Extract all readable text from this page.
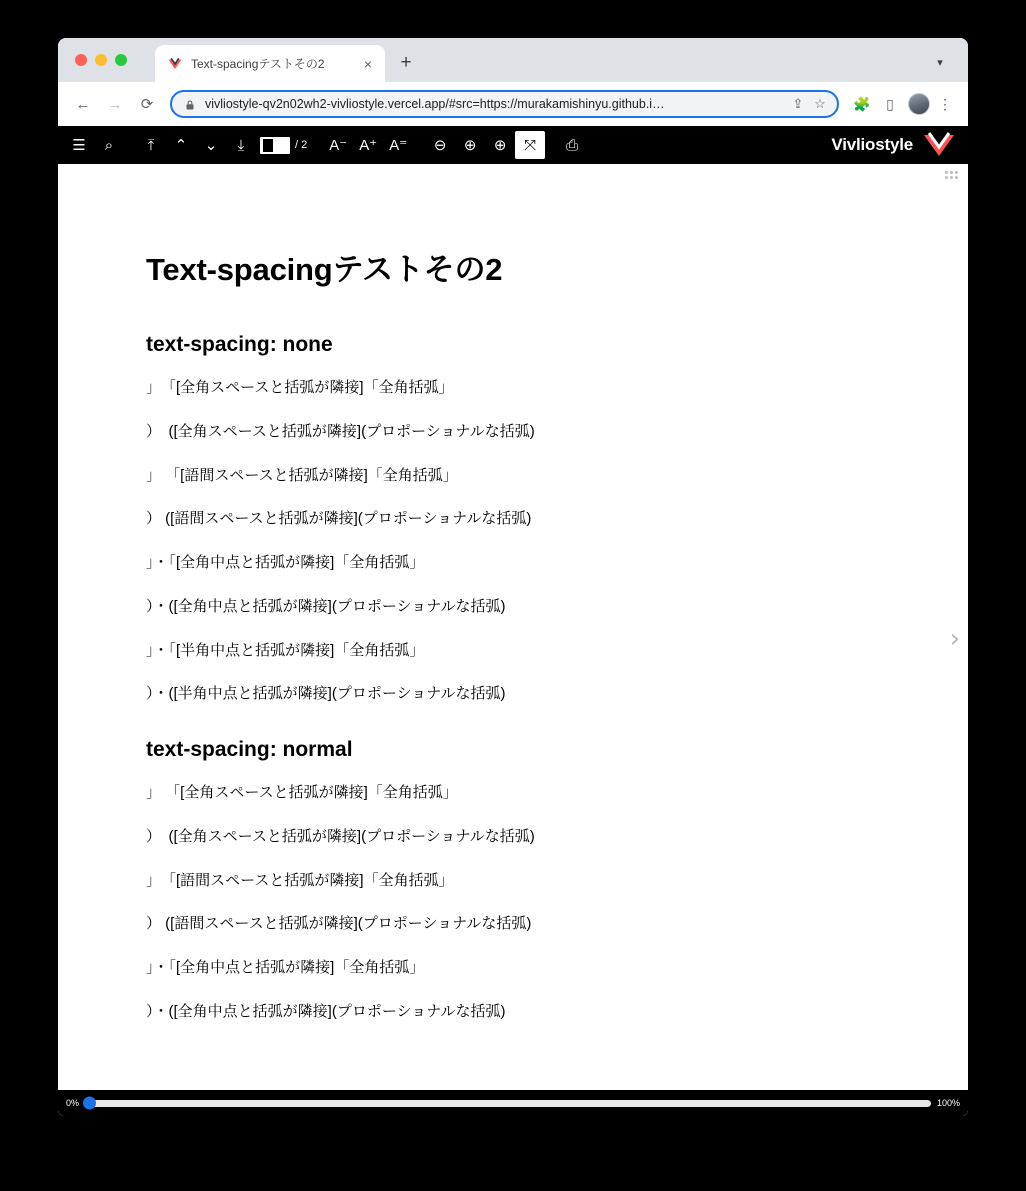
Text-spacingテストその2	×	+	▾
←	→	⟳	vivliostyle-qv2n02wh2-vivliostyle.vercel.app/#src=https://murakamishinyu.github.i…	⇪ ☆	🧩	▯	⋮
☰	⌕	⤒	⌃	⌄	⤓	/ 2	A⁻ A⁺ A⁼	⊖	⊕	⊕	⤧	⎙	Vivliostyle
Text-spacingテストその2
text-spacing: none

」　「[全角スペースと括弧が隣接]「全角括弧」

）　([全角スペースと括弧が隣接](プロポーショナルな括弧)

」 「[語間スペースと括弧が隣接]「全角括弧」

） ([語間スペースと括弧が隣接](プロポーショナルな括弧)

」・「[全角中点と括弧が隣接]「全角括弧」

）・([全角中点と括弧が隣接](プロポーショナルな括弧)

」・「[半角中点と括弧が隣接]「全角括弧」

）・([半角中点と括弧が隣接](プロポーショナルな括弧)

text-spacing: normal

」 「[全角スペースと括弧が隣接]「全角括弧」

）　([全角スペースと括弧が隣接](プロポーショナルな括弧)

」　「[語間スペースと括弧が隣接]「全角括弧」

） ([語間スペースと括弧が隣接](プロポーショナルな括弧)

」・「[全角中点と括弧が隣接]「全角括弧」

）・([全角中点と括弧が隣接](プロポーショナルな括弧)

›
0%	100%
